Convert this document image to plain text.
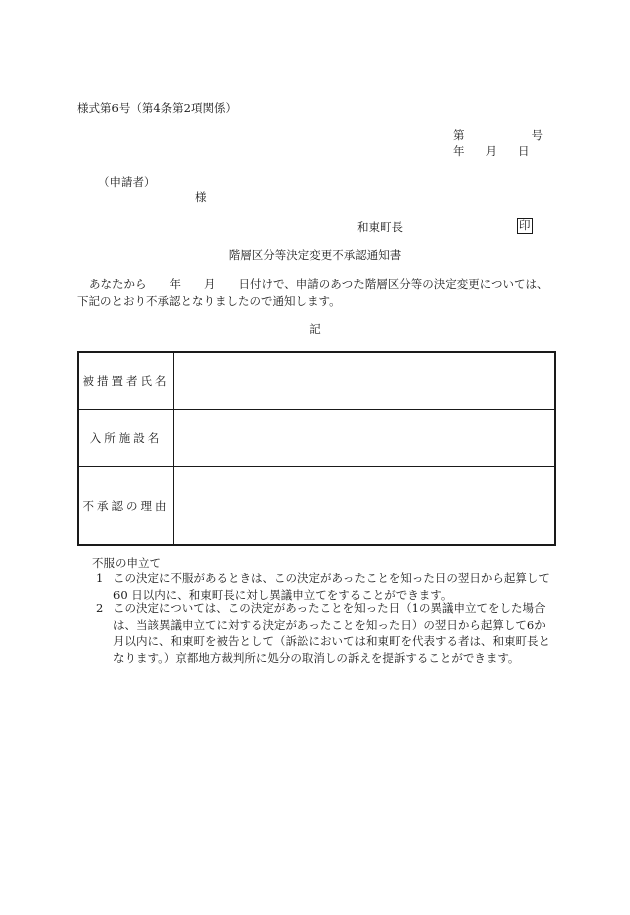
様式第6号（第4条第2項関係）
第	号
年 月 日
（申請者）
様
和東町長	印
階層区分等決定変更不承認通知書
あなたから　　年　　月　　日付けで、申請のあつた階層区分等の決定変更については、下記のとおり不承認となりましたので通知します。
記
被措置者氏名
入所施設名
不承認の理由
不服の申立て
1 この決定に不服があるときは、この決定があったことを知った日の翌日から起算して 60 日以内に、和東町長に対し異議申立てをすることができます。
2 この決定については、この決定があったことを知った日（1の異議申立てをした場合は、当該異議申立てに対する決定があったことを知った日）の翌日から起算して6か月以内に、和東町を被告として（訴訟においては和東町を代表する者は、和東町長となります。）京都地方裁判所に処分の取消しの訴えを提訴することができます。
